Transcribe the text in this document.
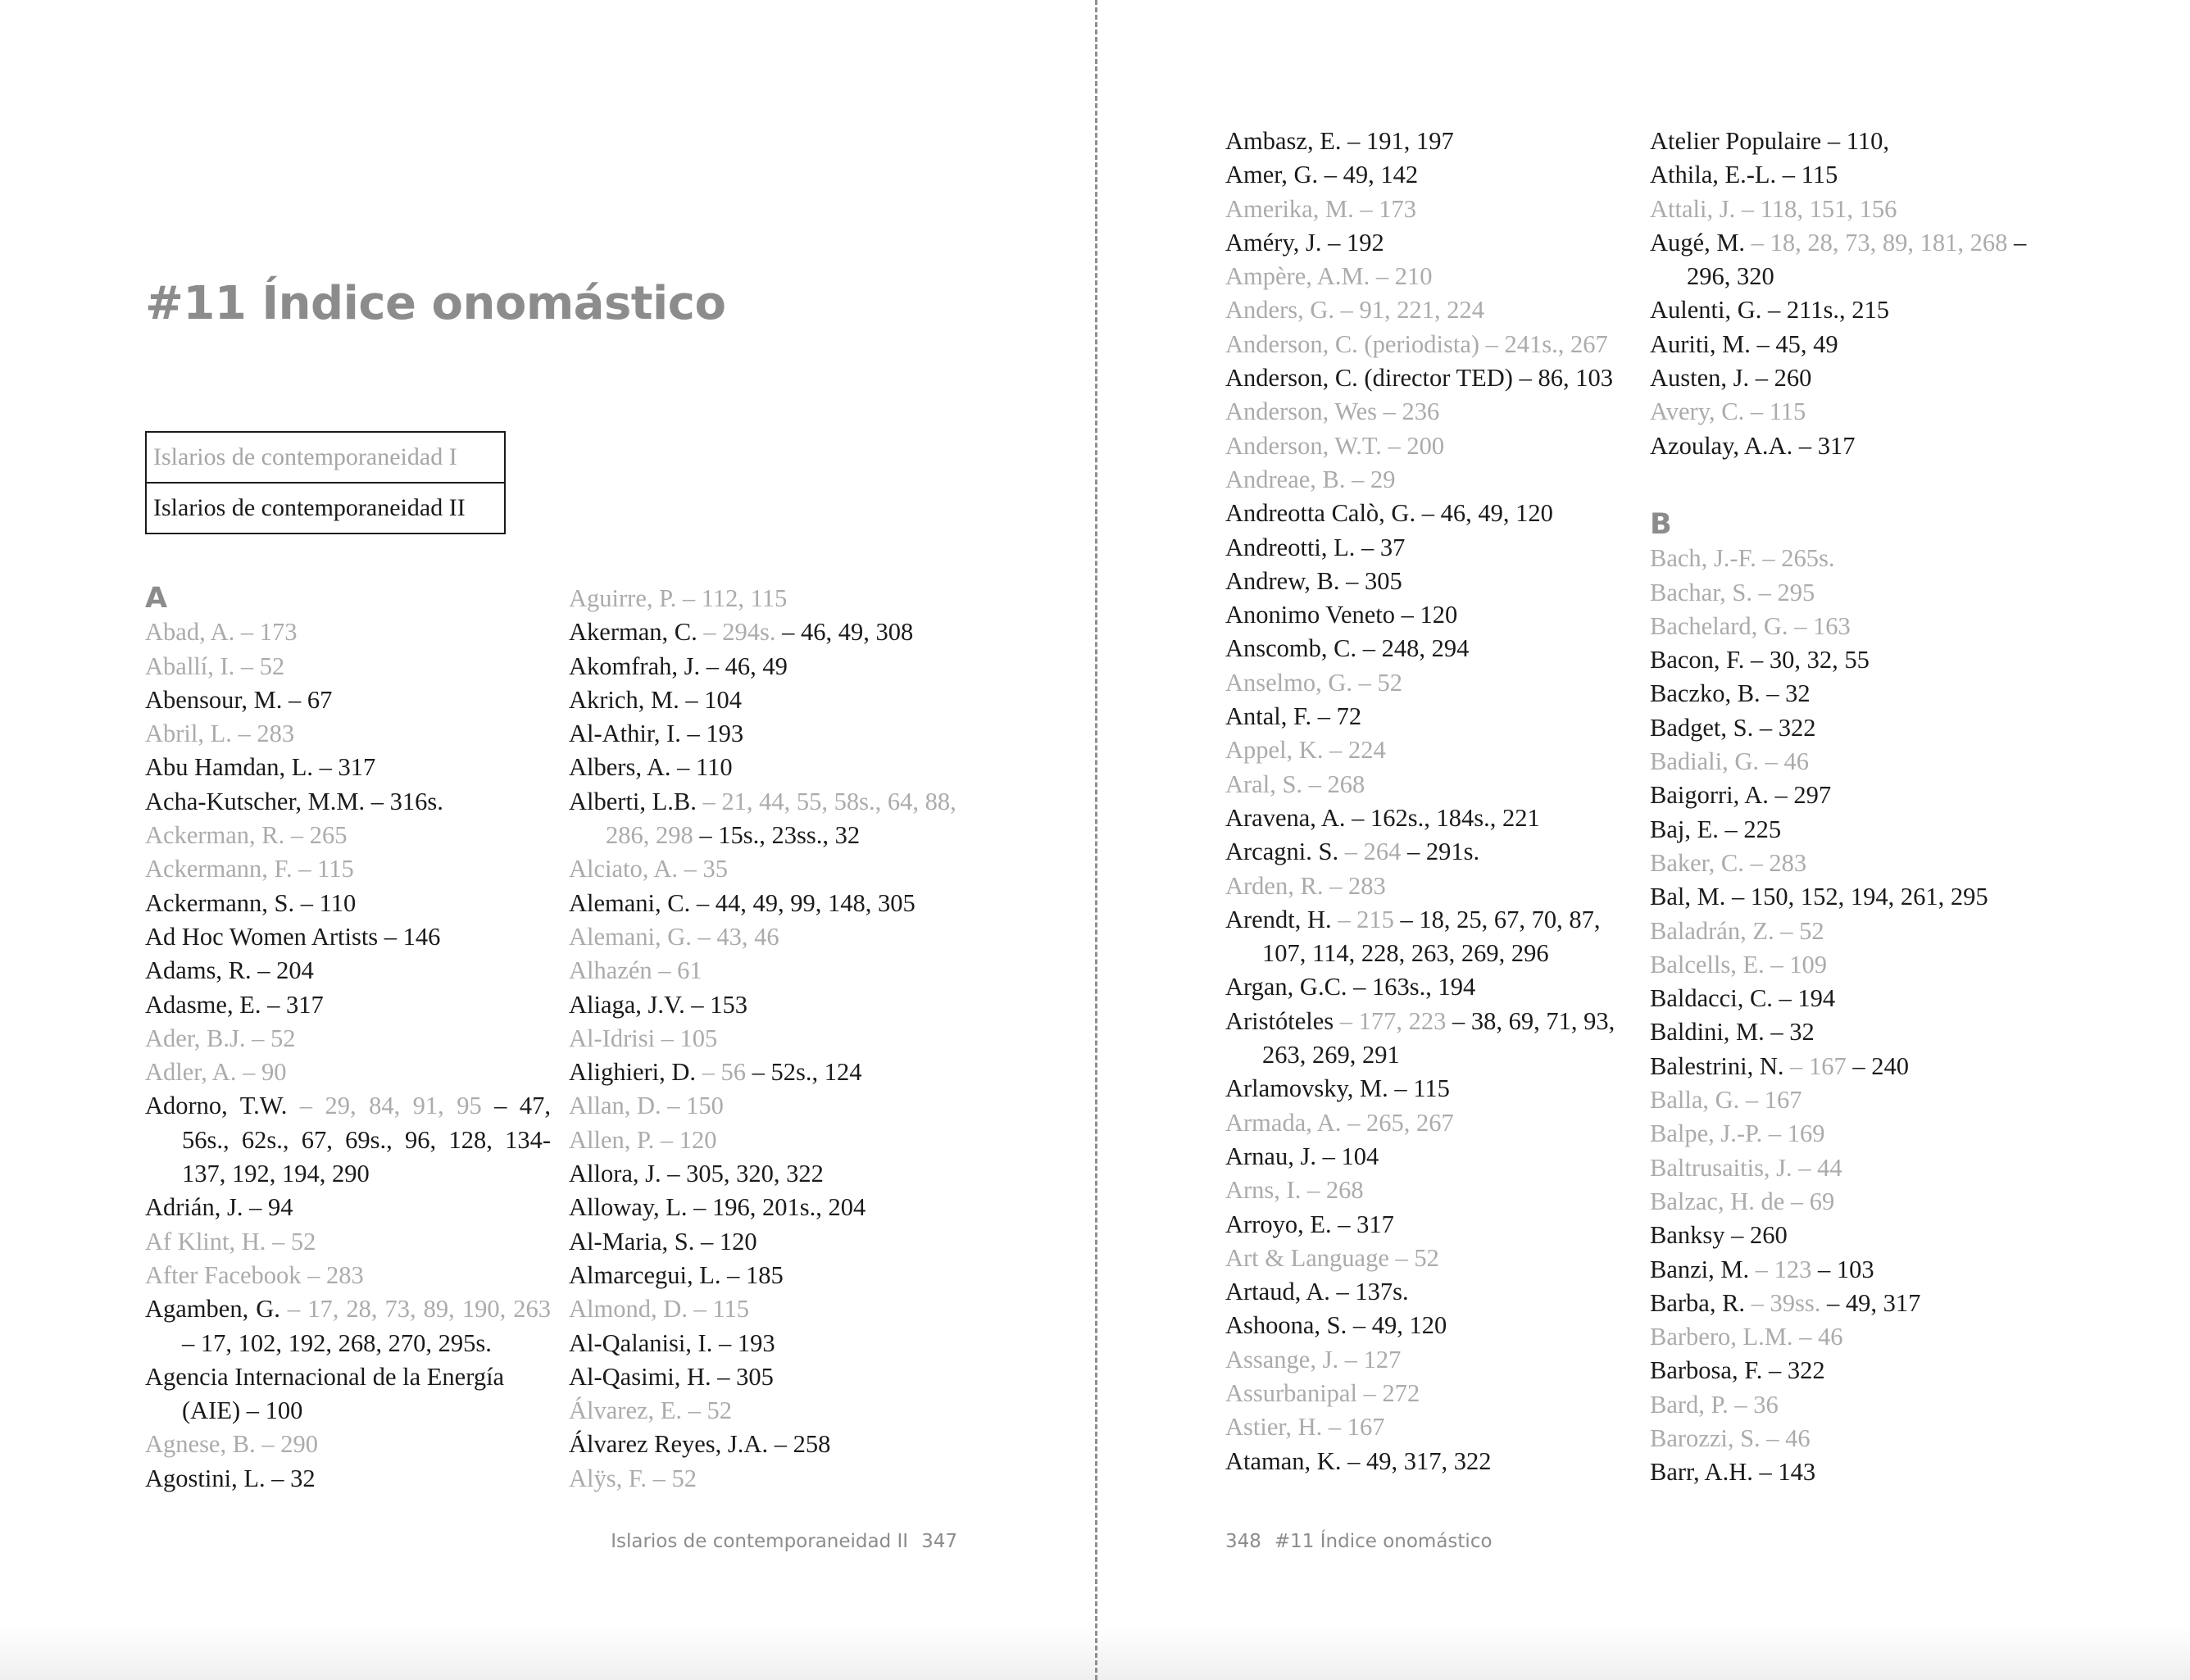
#11 Índice onomástico
Islarios de contemporaneidad I
Islarios de contemporaneidad II
A
Abad, A. – 173
Aballí, I. – 52
Abensour, M. – 67
Abril, L. – 283
Abu Hamdan, L. – 317
Acha-Kutscher, M.M. – 316s.
Ackerman, R. – 265
Ackermann, F. – 115
Ackermann, S. – 110
Ad Hoc Women Artists – 146
Adams, R. – 204
Adasme, E. – 317
Ader, B.J. – 52
Adler, A. – 90
Adorno, T.W. – 29, 84, 91, 95 – 47, 56s., 62s., 67, 69s., 96, 128, 134-137, 192, 194, 290
Adrián, J. – 94
Af Klint, H. – 52
After Facebook – 283
Agamben, G. – 17, 28, 73, 89, 190, 263 – 17, 102, 192, 268, 270, 295s.
Agencia Internacional de la Energía (AIE) – 100
Agnese, B. – 290
Agostini, L. – 32
Aguirre, P. – 112, 115
Akerman, C. – 294s. – 46, 49, 308
Akomfrah, J. – 46, 49
Akrich, M. – 104
Al-Athir, I. – 193
Albers, A. – 110
Alberti, L.B. – 21, 44, 55, 58s., 64, 88, 286, 298 – 15s., 23ss., 32
Alciato, A. – 35
Alemani, C. – 44, 49, 99, 148, 305
Alemani, G. – 43, 46
Alhazén – 61
Aliaga, J.V. – 153
Al-Idrisi – 105
Alighieri, D. – 56 – 52s., 124
Allan, D. – 150
Allen, P. – 120
Allora, J. – 305, 320, 322
Alloway, L. – 196, 201s., 204
Al-Maria, S. – 120
Almarcegui, L. – 185
Almond, D. – 115
Al-Qalanisi, I. – 193
Al-Qasimi, H. – 305
Álvarez, E. – 52
Álvarez Reyes, J.A. – 258
Alÿs, F. – 52
Ambasz, E. – 191, 197
Amer, G. – 49, 142
Amerika, M. – 173
Améry, J. – 192
Ampère, A.M. – 210
Anders, G. – 91, 221, 224
Anderson, C. (periodista) – 241s., 267
Anderson, C. (director TED) – 86, 103
Anderson, Wes – 236
Anderson, W.T. – 200
Andreae, B. – 29
Andreotta Calò, G. – 46, 49, 120
Andreotti, L. – 37
Andrew, B. – 305
Anonimo Veneto – 120
Anscomb, C. – 248, 294
Anselmo, G. – 52
Antal, F. – 72
Appel, K. – 224
Aral, S. – 268
Aravena, A. – 162s., 184s., 221
Arcagni. S. – 264 – 291s.
Arden, R. – 283
Arendt, H. – 215 – 18, 25, 67, 70, 87, 107, 114, 228, 263, 269, 296
Argan, G.C. – 163s., 194
Aristóteles – 177, 223 – 38, 69, 71, 93, 263, 269, 291
Arlamovsky, M. – 115
Armada, A. – 265, 267
Arnau, J. – 104
Arns, I. – 268
Arroyo, E. – 317
Art & Language – 52
Artaud, A. – 137s.
Ashoona, S. – 49, 120
Assange, J. – 127
Assurbanipal – 272
Astier, H. – 167
Ataman, K. – 49, 317, 322
Atelier Populaire – 110,
Athila, E.-L. – 115
Attali, J. – 118, 151, 156
Augé, M. – 18, 28, 73, 89, 181, 268 – 296, 320
Aulenti, G. – 211s., 215
Auriti, M. – 45, 49
Austen, J. – 260
Avery, C. – 115
Azoulay, A.A. – 317
B
Bach, J.-F. – 265s.
Bachar, S. – 295
Bachelard, G. – 163
Bacon, F. – 30, 32, 55
Baczko, B. – 32
Badget, S. – 322
Badiali, G. – 46
Baigorri, A. – 297
Baj, E. – 225
Baker, C. – 283
Bal, M. – 150, 152, 194, 261, 295
Baladrán, Z. – 52
Balcells, E. – 109
Baldacci, C. – 194
Baldini, M. – 32
Balestrini, N. – 167 – 240
Balla, G. – 167
Balpe, J.-P. – 169
Baltrusaitis, J. – 44
Balzac, H. de – 69
Banksy – 260
Banzi, M. – 123 – 103
Barba, R. – 39ss. – 49, 317
Barbero, L.M. – 46
Barbosa, F. – 322
Bard, P. – 36
Barozzi, S. – 46
Barr, A.H. – 143
Islarios de contemporaneidad II 347	348 #11 Índice onomástico
